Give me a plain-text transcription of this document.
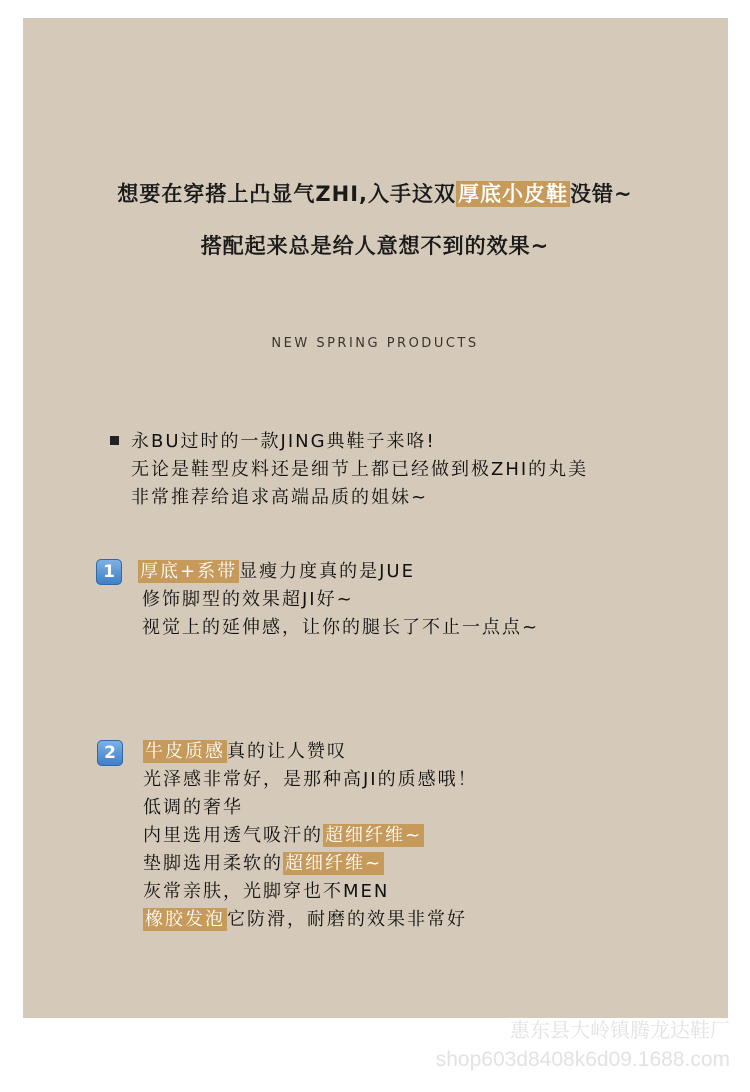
想要在穿搭上凸显气ZHI,入手这双厚底小皮鞋没错~
搭配起来总是给人意想不到的效果~
NEW SPRING PRODUCTS
永BU过时的一款JING典鞋子来咯!
无论是鞋型皮料还是细节上都已经做到极ZHI的丸美
非常推荐给追求高端品质的姐妹~
1	厚底+系带 显瘦力度真的是JUE
修饰脚型的效果超JI好~
视觉上的延伸感，让你的腿长了不止一点点~
2	牛皮质感 真的让人赞叹
光泽感非常好，是那种高JI的质感哦！
低调的奢华
内里选用透气吸汗的 超细纤维~
垫脚选用柔软的 超细纤维~
灰常亲肤，光脚穿也不MEN
橡胶发泡 它防滑，耐磨的效果非常好
惠东县大岭镇腾龙达鞋厂
shop603d8408k6d09.1688.com
